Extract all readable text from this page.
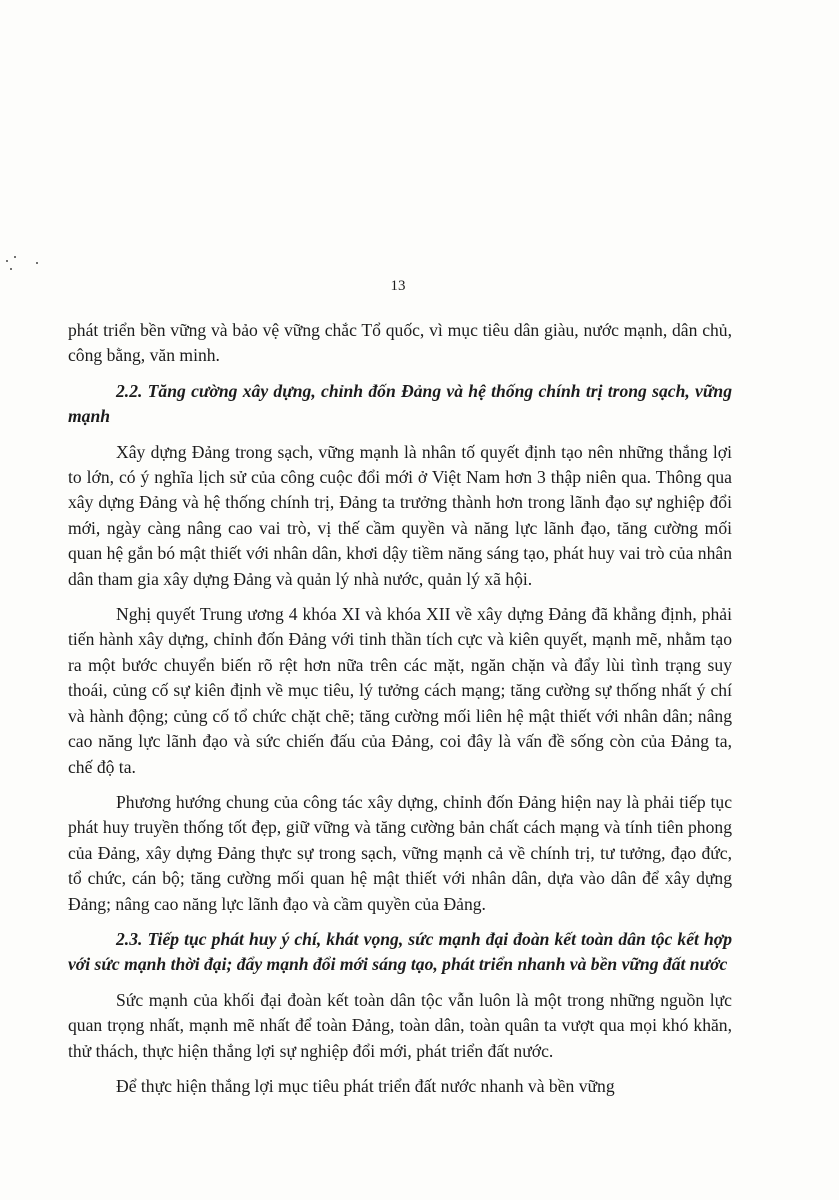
13

phát triển bền vững và bảo vệ vững chắc Tổ quốc, vì mục tiêu dân giàu, nước mạnh, dân chủ, công bằng, văn minh.

2.2. Tăng cường xây dựng, chỉnh đốn Đảng và hệ thống chính trị trong sạch, vững mạnh

Xây dựng Đảng trong sạch, vững mạnh là nhân tố quyết định tạo nên những thắng lợi to lớn, có ý nghĩa lịch sử của công cuộc đổi mới ở Việt Nam hơn 3 thập niên qua. Thông qua xây dựng Đảng và hệ thống chính trị, Đảng ta trưởng thành hơn trong lãnh đạo sự nghiệp đổi mới, ngày càng nâng cao vai trò, vị thế cầm quyền và năng lực lãnh đạo, tăng cường mối quan hệ gắn bó mật thiết với nhân dân, khơi dậy tiềm năng sáng tạo, phát huy vai trò của nhân dân tham gia xây dựng Đảng và quản lý nhà nước, quản lý xã hội.

Nghị quyết Trung ương 4 khóa XI và khóa XII về xây dựng Đảng đã khẳng định, phải tiến hành xây dựng, chỉnh đốn Đảng với tinh thần tích cực và kiên quyết, mạnh mẽ, nhằm tạo ra một bước chuyển biến rõ rệt hơn nữa trên các mặt, ngăn chặn và đẩy lùi tình trạng suy thoái, củng cố sự kiên định về mục tiêu, lý tưởng cách mạng; tăng cường sự thống nhất ý chí và hành động; củng cố tổ chức chặt chẽ; tăng cường mối liên hệ mật thiết với nhân dân; nâng cao năng lực lãnh đạo và sức chiến đấu của Đảng, coi đây là vấn đề sống còn của Đảng ta, chế độ ta.

Phương hướng chung của công tác xây dựng, chỉnh đốn Đảng hiện nay là phải tiếp tục phát huy truyền thống tốt đẹp, giữ vững và tăng cường bản chất cách mạng và tính tiên phong của Đảng, xây dựng Đảng thực sự trong sạch, vững mạnh cả về chính trị, tư tưởng, đạo đức, tổ chức, cán bộ; tăng cường mối quan hệ mật thiết với nhân dân, dựa vào dân để xây dựng Đảng; nâng cao năng lực lãnh đạo và cầm quyền của Đảng.

2.3. Tiếp tục phát huy ý chí, khát vọng, sức mạnh đại đoàn kết toàn dân tộc kết hợp với sức mạnh thời đại; đẩy mạnh đổi mới sáng tạo, phát triển nhanh và bền vững đất nước

Sức mạnh của khối đại đoàn kết toàn dân tộc vẫn luôn là một trong những nguồn lực quan trọng nhất, mạnh mẽ nhất để toàn Đảng, toàn dân, toàn quân ta vượt qua mọi khó khăn, thử thách, thực hiện thắng lợi sự nghiệp đổi mới, phát triển đất nước.

Để thực hiện thắng lợi mục tiêu phát triển đất nước nhanh và bền vững
